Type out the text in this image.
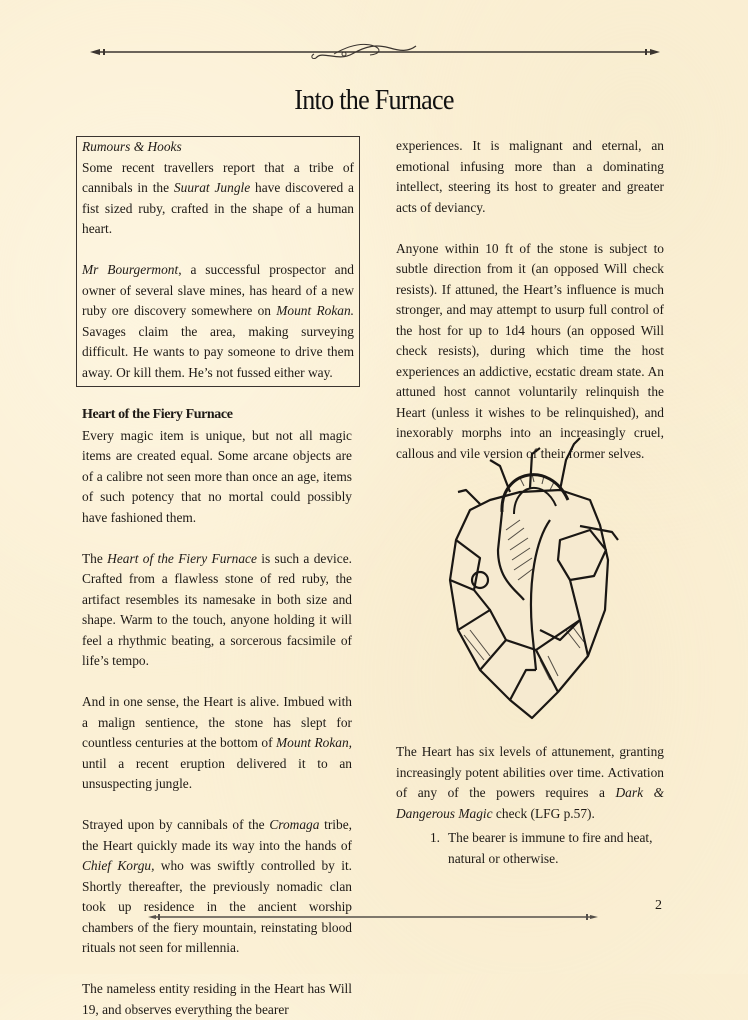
Into the Furnace

Rumours & Hooks

Some recent travellers report that a tribe of cannibals in the Suurat Jungle have discovered a fist sized ruby, crafted in the shape of a human heart.

Mr Bourgermont, a successful prospector and owner of several slave mines, has heard of a new ruby ore discovery somewhere on Mount Rokan. Savages claim the area, making surveying difficult. He wants to pay someone to drive them away. Or kill them. He’s not fussed either way.

Heart of the Fiery Furnace

Every magic item is unique, but not all magic items are created equal. Some arcane objects are of a calibre not seen more than once an age, items of such potency that no mortal could possibly have fashioned them.

The Heart of the Fiery Furnace is such a device. Crafted from a flawless stone of red ruby, the artifact resembles its namesake in both size and shape. Warm to the touch, anyone holding it will feel a rhythmic beating, a sorcerous facsimile of life’s tempo.

And in one sense, the Heart is alive. Imbued with a malign sentience, the stone has slept for countless centuries at the bottom of Mount Rokan, until a recent eruption delivered it to an unsuspecting jungle.

Strayed upon by cannibals of the Cromaga tribe, the Heart quickly made its way into the hands of Chief Korgu, who was swiftly controlled by it. Shortly thereafter, the previously nomadic clan took up residence in the ancient worship chambers of the fiery mountain, reinstating blood rituals not seen for millennia.

The nameless entity residing in the Heart has Will 19, and observes everything the bearer

experiences. It is malignant and eternal, an emotional infusing more than a dominating intellect, steering its host to greater and greater acts of deviancy.

Anyone within 10 ft of the stone is subject to subtle direction from it (an opposed Will check resists). If attuned, the Heart’s influence is much stronger, and may attempt to usurp full control of the host for up to 1d4 hours (an opposed Will check resists), during which time the host experiences an addictive, ecstatic dream state. An attuned host cannot voluntarily relinquish the Heart (unless it wishes to be relinquished), and inexorably morphs into an increasingly cruel, callous and vile version of their former selves.

The Heart has six levels of attunement, granting increasingly potent abilities over time. Activation of any of the powers requires a Dark & Dangerous Magic check (LFG p.57).

1. The bearer is immune to fire and heat, natural or otherwise.
2
